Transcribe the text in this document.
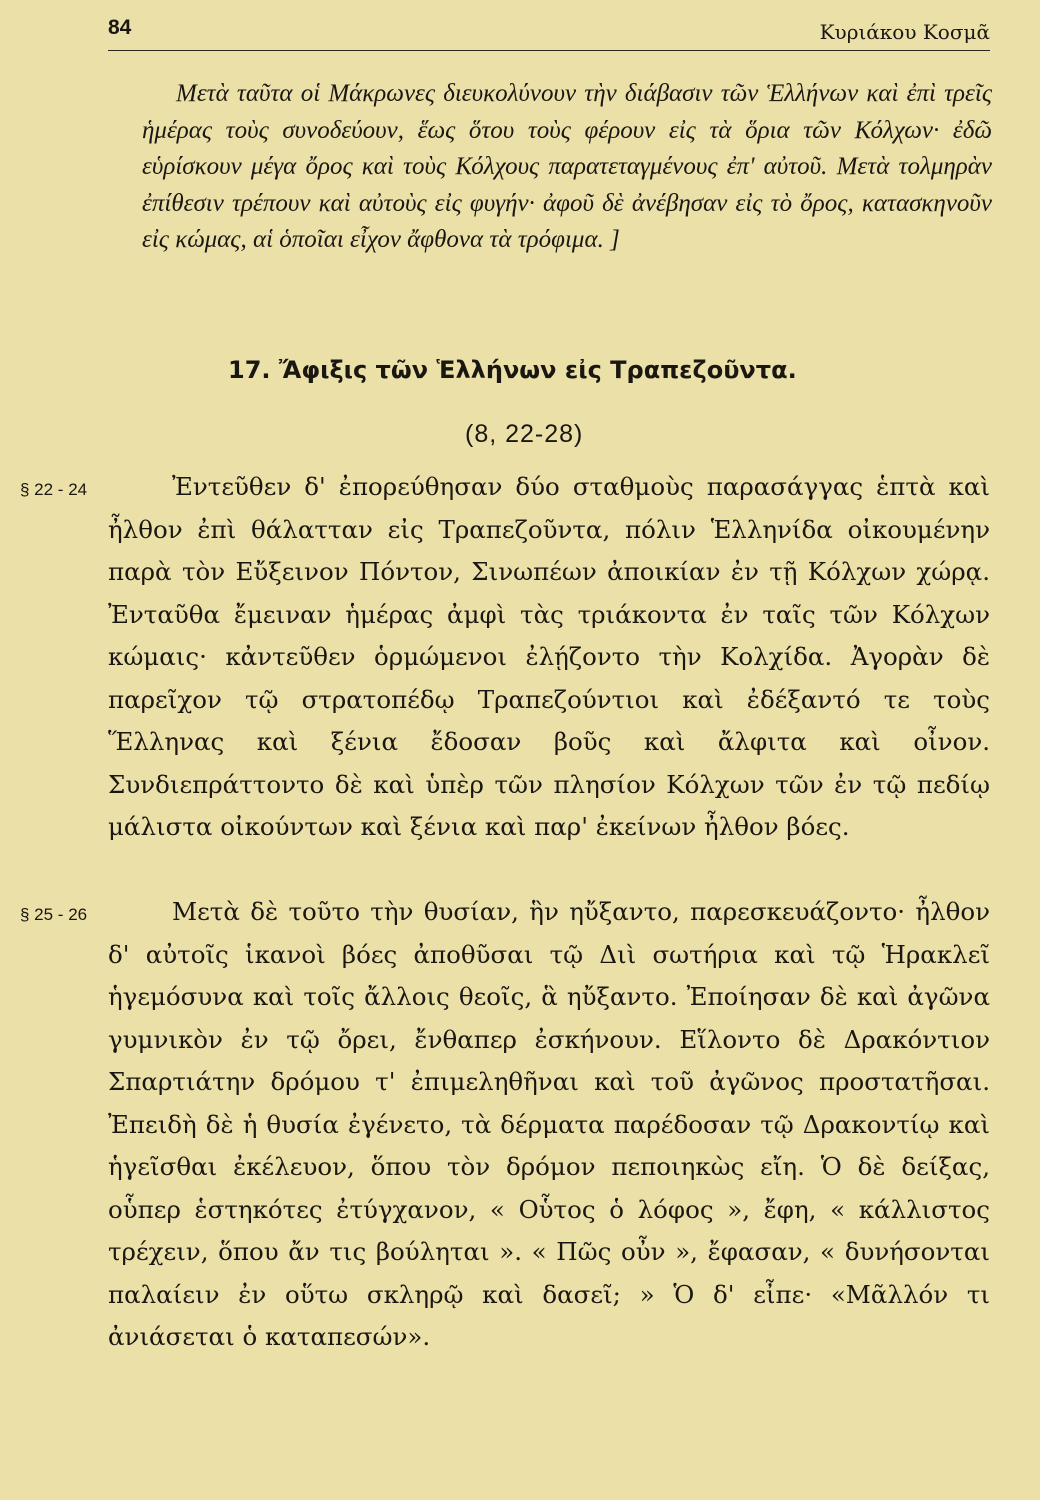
84	Κυριάκου Κοσμᾶ

Μετὰ ταῦτα οἱ Μάκρωνες διευκολύνουν τὴν διάβασιν τῶν Ἑλλήνων καὶ ἐπὶ τρεῖς ἡμέρας τοὺς συνοδεύουν, ἕως ὅτου τοὺς φέρουν εἰς τὰ ὅρια τῶν Κόλχων· ἐδῶ εὑρίσκουν μέγα ὄρος καὶ τοὺς Κόλχους παρατεταγμένους ἐπ' αὐτοῦ. Μετὰ τολμηρὰν ἐπίθεσιν τρέπουν καὶ αὐτοὺς εἰς φυγήν· ἀφοῦ δὲ ἀνέβησαν εἰς τὸ ὄρος, κατασκηνοῦν εἰς κώμας, αἱ ὁποῖαι εἶχον ἄφθονα τὰ τρόφιμα. ]

17. Ἄφιξις τῶν Ἑλλήνων εἰς Τραπεζοῦντα.
(8, 22-28)
§ 22 - 24	Ἐντεῦθεν δ' ἐπορεύθησαν δύο σταθμοὺς παρασάγγας ἑπτὰ καὶ ἦλθον ἐπὶ θάλατταν εἰς Τραπεζοῦντα, πόλιν Ἑλληνίδα οἰκουμένην παρὰ τὸν Εὔξεινον Πόντον, Σινωπέων ἀποικίαν ἐν τῇ Κόλχων χώρᾳ. Ἐνταῦθα ἔμειναν ἡμέρας ἀμφὶ τὰς τριάκοντα ἐν ταῖς τῶν Κόλχων κώμαις· κἀντεῦθεν ὁρμώμενοι ἐλῄζοντο τὴν Κολχίδα. Ἀγορὰν δὲ παρεῖχον τῷ στρατοπέδῳ Τραπεζούντιοι καὶ ἐδέξαντό τε τοὺς Ἕλληνας καὶ ξένια ἔδοσαν βοῦς καὶ ἄλφιτα καὶ οἶνον. Συνδιεπράττοντο δὲ καὶ ὑπὲρ τῶν πλησίον Κόλχων τῶν ἐν τῷ πεδίῳ μάλιστα οἰκούντων καὶ ξένια καὶ παρ' ἐκείνων ἦλθον βόες.

§ 25 - 26	Μετὰ δὲ τοῦτο τὴν θυσίαν, ἣν ηὔξαντο, παρεσκευάζοντο· ἦλθον δ' αὐτοῖς ἱκανοὶ βόες ἀποθῦσαι τῷ Διὶ σωτήρια καὶ τῷ Ἡρακλεῖ ἡγεμόσυνα καὶ τοῖς ἄλλοις θεοῖς, ἃ ηὔξαντο. Ἐποίησαν δὲ καὶ ἀγῶνα γυμνικὸν ἐν τῷ ὄρει, ἔνθαπερ ἐσκήνουν. Εἵλοντο δὲ Δρακόντιον Σπαρτιάτην δρόμου τ' ἐπιμεληθῆναι καὶ τοῦ ἀγῶνος προστατῆσαι. Ἐπειδὴ δὲ ἡ θυσία ἐγένετο, τὰ δέρματα παρέδοσαν τῷ Δρακοντίῳ καὶ ἡγεῖσθαι ἐκέλευον, ὅπου τὸν δρόμον πεποιηκὼς εἴη. Ὁ δὲ δείξας, οὗπερ ἑστηκότες ἐτύγχανον, « Οὗτος ὁ λόφος », ἔφη, « κάλλιστος τρέχειν, ὅπου ἄν τις βούληται ». « Πῶς οὖν », ἔφασαν, « δυνήσονται παλαίειν ἐν οὕτω σκληρῷ καὶ δασεῖ; » Ὁ δ' εἶπε· «Μᾶλλόν τι ἀνιάσεται ὁ καταπεσών».
